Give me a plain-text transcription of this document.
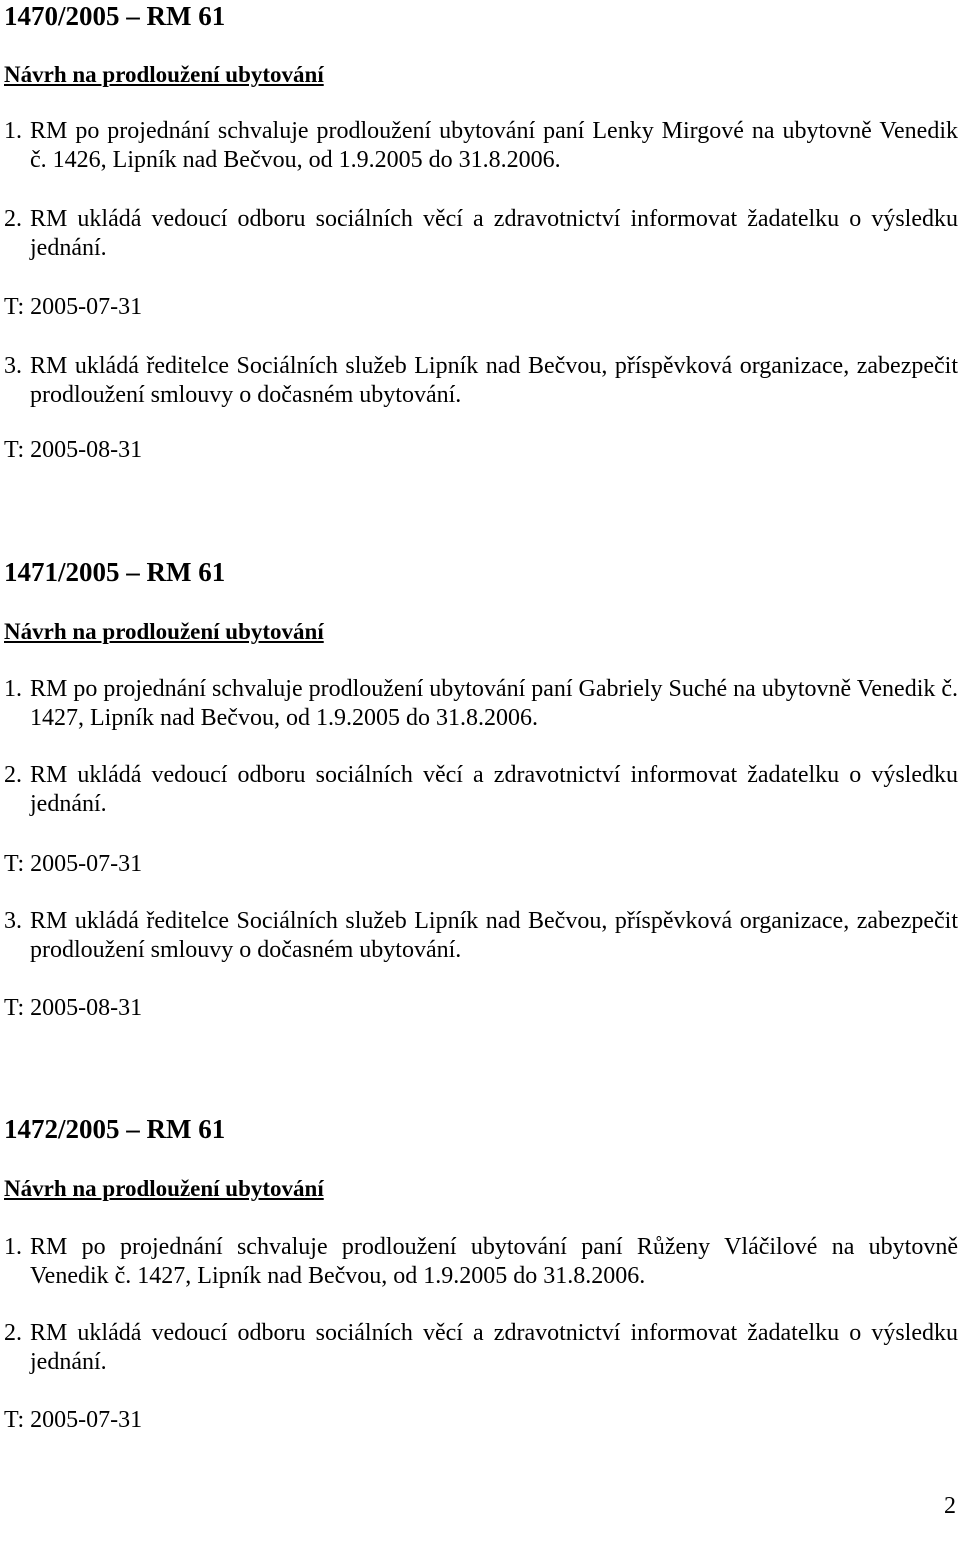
1470/2005 – RM 61
Návrh na prodloužení ubytování
1. RM po projednání schvaluje prodloužení ubytování paní Lenky Mirgové na ubytovně Venedik č. 1426, Lipník nad Bečvou, od 1.9.2005 do 31.8.2006.
2. RM ukládá vedoucí odboru sociálních věcí a zdravotnictví informovat žadatelku o výsledku jednání.
T: 2005-07-31
3. RM ukládá ředitelce Sociálních služeb Lipník nad Bečvou, příspěvková organizace, zabezpečit prodloužení smlouvy o dočasném ubytování.
T: 2005-08-31
1471/2005 – RM 61
Návrh na prodloužení ubytování
1. RM po projednání schvaluje prodloužení ubytování paní Gabriely Suché na ubytovně Venedik č. 1427, Lipník nad Bečvou, od 1.9.2005 do 31.8.2006.
2. RM ukládá vedoucí odboru sociálních věcí a zdravotnictví informovat žadatelku o výsledku jednání.
T: 2005-07-31
3. RM ukládá ředitelce Sociálních služeb Lipník nad Bečvou, příspěvková organizace, zabezpečit prodloužení smlouvy o dočasném ubytování.
T: 2005-08-31
1472/2005 – RM 61
Návrh na prodloužení ubytování
1. RM po projednání schvaluje prodloužení ubytování paní Růženy Vláčilové na ubytovně Venedik č. 1427, Lipník nad Bečvou, od 1.9.2005 do 31.8.2006.
2. RM ukládá vedoucí odboru sociálních věcí a zdravotnictví informovat žadatelku o výsledku jednání.
T: 2005-07-31
2
